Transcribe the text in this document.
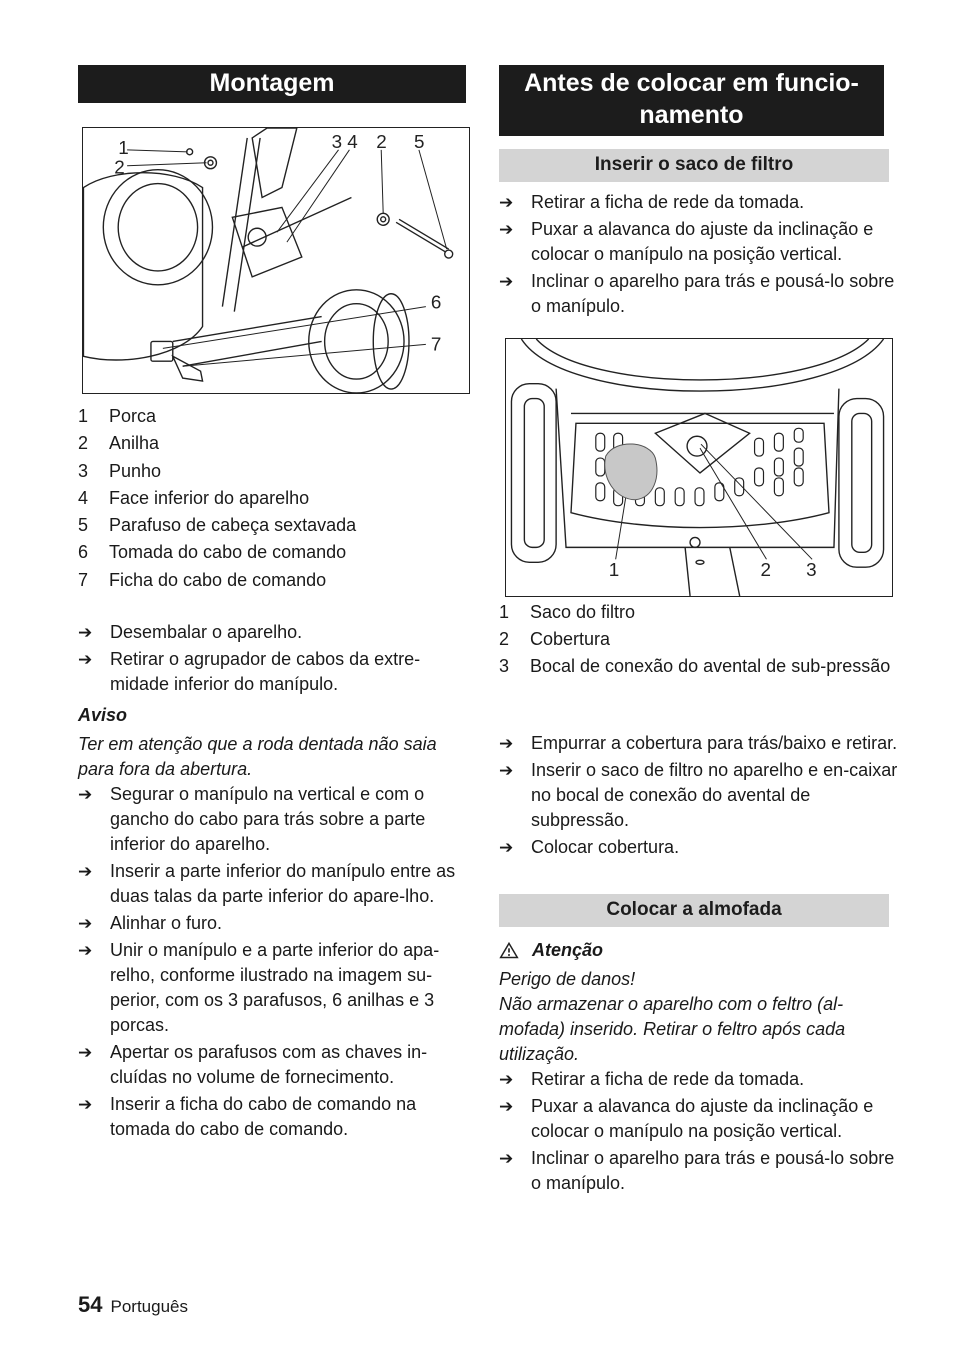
Montagem
1
2
3 4 2 5
6
7
1	Porca
2	Anilha
3	Punho
4	Face inferior do aparelho
5	Parafuso de cabeça sextavada
6	Tomada do cabo de comando
7	Ficha do cabo de comando
➔ Desembalar o aparelho.
➔ Retirar o agrupador de cabos da extre-midade inferior do manípulo.
Aviso

Ter em atenção que a roda dentada não saia para fora da abertura.

➔ Segurar o manípulo na vertical e com o gancho do cabo para trás sobre a parte inferior do aparelho.
➔ Inserir a parte inferior do manípulo entre as duas talas da parte inferior do apare-lho.
➔ Alinhar o furo.
➔ Unir o manípulo e a parte inferior do apa-relho, conforme ilustrado na imagem su-perior, com os 3 parafusos, 6 anilhas e 3 porcas.
➔ Apertar os parafusos com as chaves in-cluídas no volume de fornecimento.
➔ Inserir a ficha do cabo de comando na tomada do cabo de comando.
Antes de colocar em funcio-namento
Inserir o saco de filtro
➔ Retirar a ficha de rede da tomada.
➔ Puxar a alavanca do ajuste da inclinação e colocar o manípulo na posição vertical.
➔ Inclinar o aparelho para trás e pousá-lo sobre o manípulo.
1	2 3
1	Saco do filtro
2	Cobertura
3	Bocal de conexão do avental de sub-pressão
➔ Empurrar a cobertura para trás/baixo e retirar.
➔ Inserir o saco de filtro no aparelho e en-caixar no bocal de conexão do avental de subpressão.
➔ Colocar cobertura.
Colocar a almofada
Atenção

Perigo de danos!

Não armazenar o aparelho com o feltro (al-mofada) inserido. Retirar o feltro após cada utilização.

➔ Retirar a ficha de rede da tomada.
➔ Puxar a alavanca do ajuste da inclinação e colocar o manípulo na posição vertical.
➔ Inclinar o aparelho para trás e pousá-lo sobre o manípulo.
54 Português
